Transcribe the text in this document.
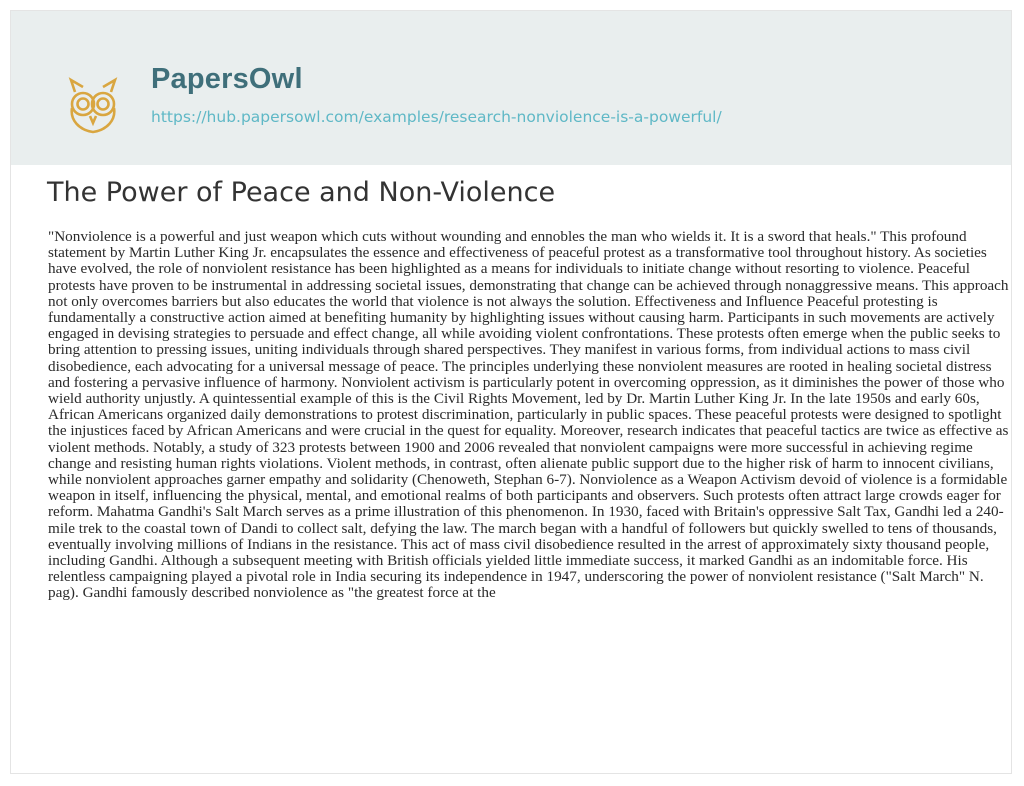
PapersOwl
https://hub.papersowl.com/examples/research-nonviolence-is-a-powerful/
The Power of Peace and Non-Violence

"Nonviolence is a powerful and just weapon which cuts without wounding and ennobles the man who wields it. It is a sword that heals." This profound statement by Martin Luther King Jr. encapsulates the essence and effectiveness of peaceful protest as a transformative tool throughout history. As societies have evolved, the role of nonviolent resistance has been highlighted as a means for individuals to initiate change without resorting to violence. Peaceful protests have proven to be instrumental in addressing societal issues, demonstrating that change can be achieved through nonaggressive means. This approach not only overcomes barriers but also educates the world that violence is not always the solution. Effectiveness and Influence Peaceful protesting is fundamentally a constructive action aimed at benefiting humanity by highlighting issues without causing harm. Participants in such movements are actively engaged in devising strategies to persuade and effect change, all while avoiding violent confrontations. These protests often emerge when the public seeks to bring attention to pressing issues, uniting individuals through shared perspectives. They manifest in various forms, from individual actions to mass civil disobedience, each advocating for a universal message of peace. The principles underlying these nonviolent measures are rooted in healing societal distress and fostering a pervasive influence of harmony. Nonviolent activism is particularly potent in overcoming oppression, as it diminishes the power of those who wield authority unjustly. A quintessential example of this is the Civil Rights Movement, led by Dr. Martin Luther King Jr. In the late 1950s and early 60s, African Americans organized daily demonstrations to protest discrimination, particularly in public spaces. These peaceful protests were designed to spotlight the injustices faced by African Americans and were crucial in the quest for equality. Moreover, research indicates that peaceful tactics are twice as effective as violent methods. Notably, a study of 323 protests between 1900 and 2006 revealed that nonviolent campaigns were more successful in achieving regime change and resisting human rights violations. Violent methods, in contrast, often alienate public support due to the higher risk of harm to innocent civilians, while nonviolent approaches garner empathy and solidarity (Chenoweth, Stephan 6-7). Nonviolence as a Weapon Activism devoid of violence is a formidable weapon in itself, influencing the physical, mental, and emotional realms of both participants and observers. Such protests often attract large crowds eager for reform. Mahatma Gandhi's Salt March serves as a prime illustration of this phenomenon. In 1930, faced with Britain's oppressive Salt Tax, Gandhi led a 240-mile trek to the coastal town of Dandi to collect salt, defying the law. The march began with a handful of followers but quickly swelled to tens of thousands, eventually involving millions of Indians in the resistance. This act of mass civil disobedience resulted in the arrest of approximately sixty thousand people, including Gandhi. Although a subsequent meeting with British officials yielded little immediate success, it marked Gandhi as an indomitable force. His relentless campaigning played a pivotal role in India securing its independence in 1947, underscoring the power of nonviolent resistance ("Salt March" N. pag). Gandhi famously described nonviolence as "the greatest force at the
